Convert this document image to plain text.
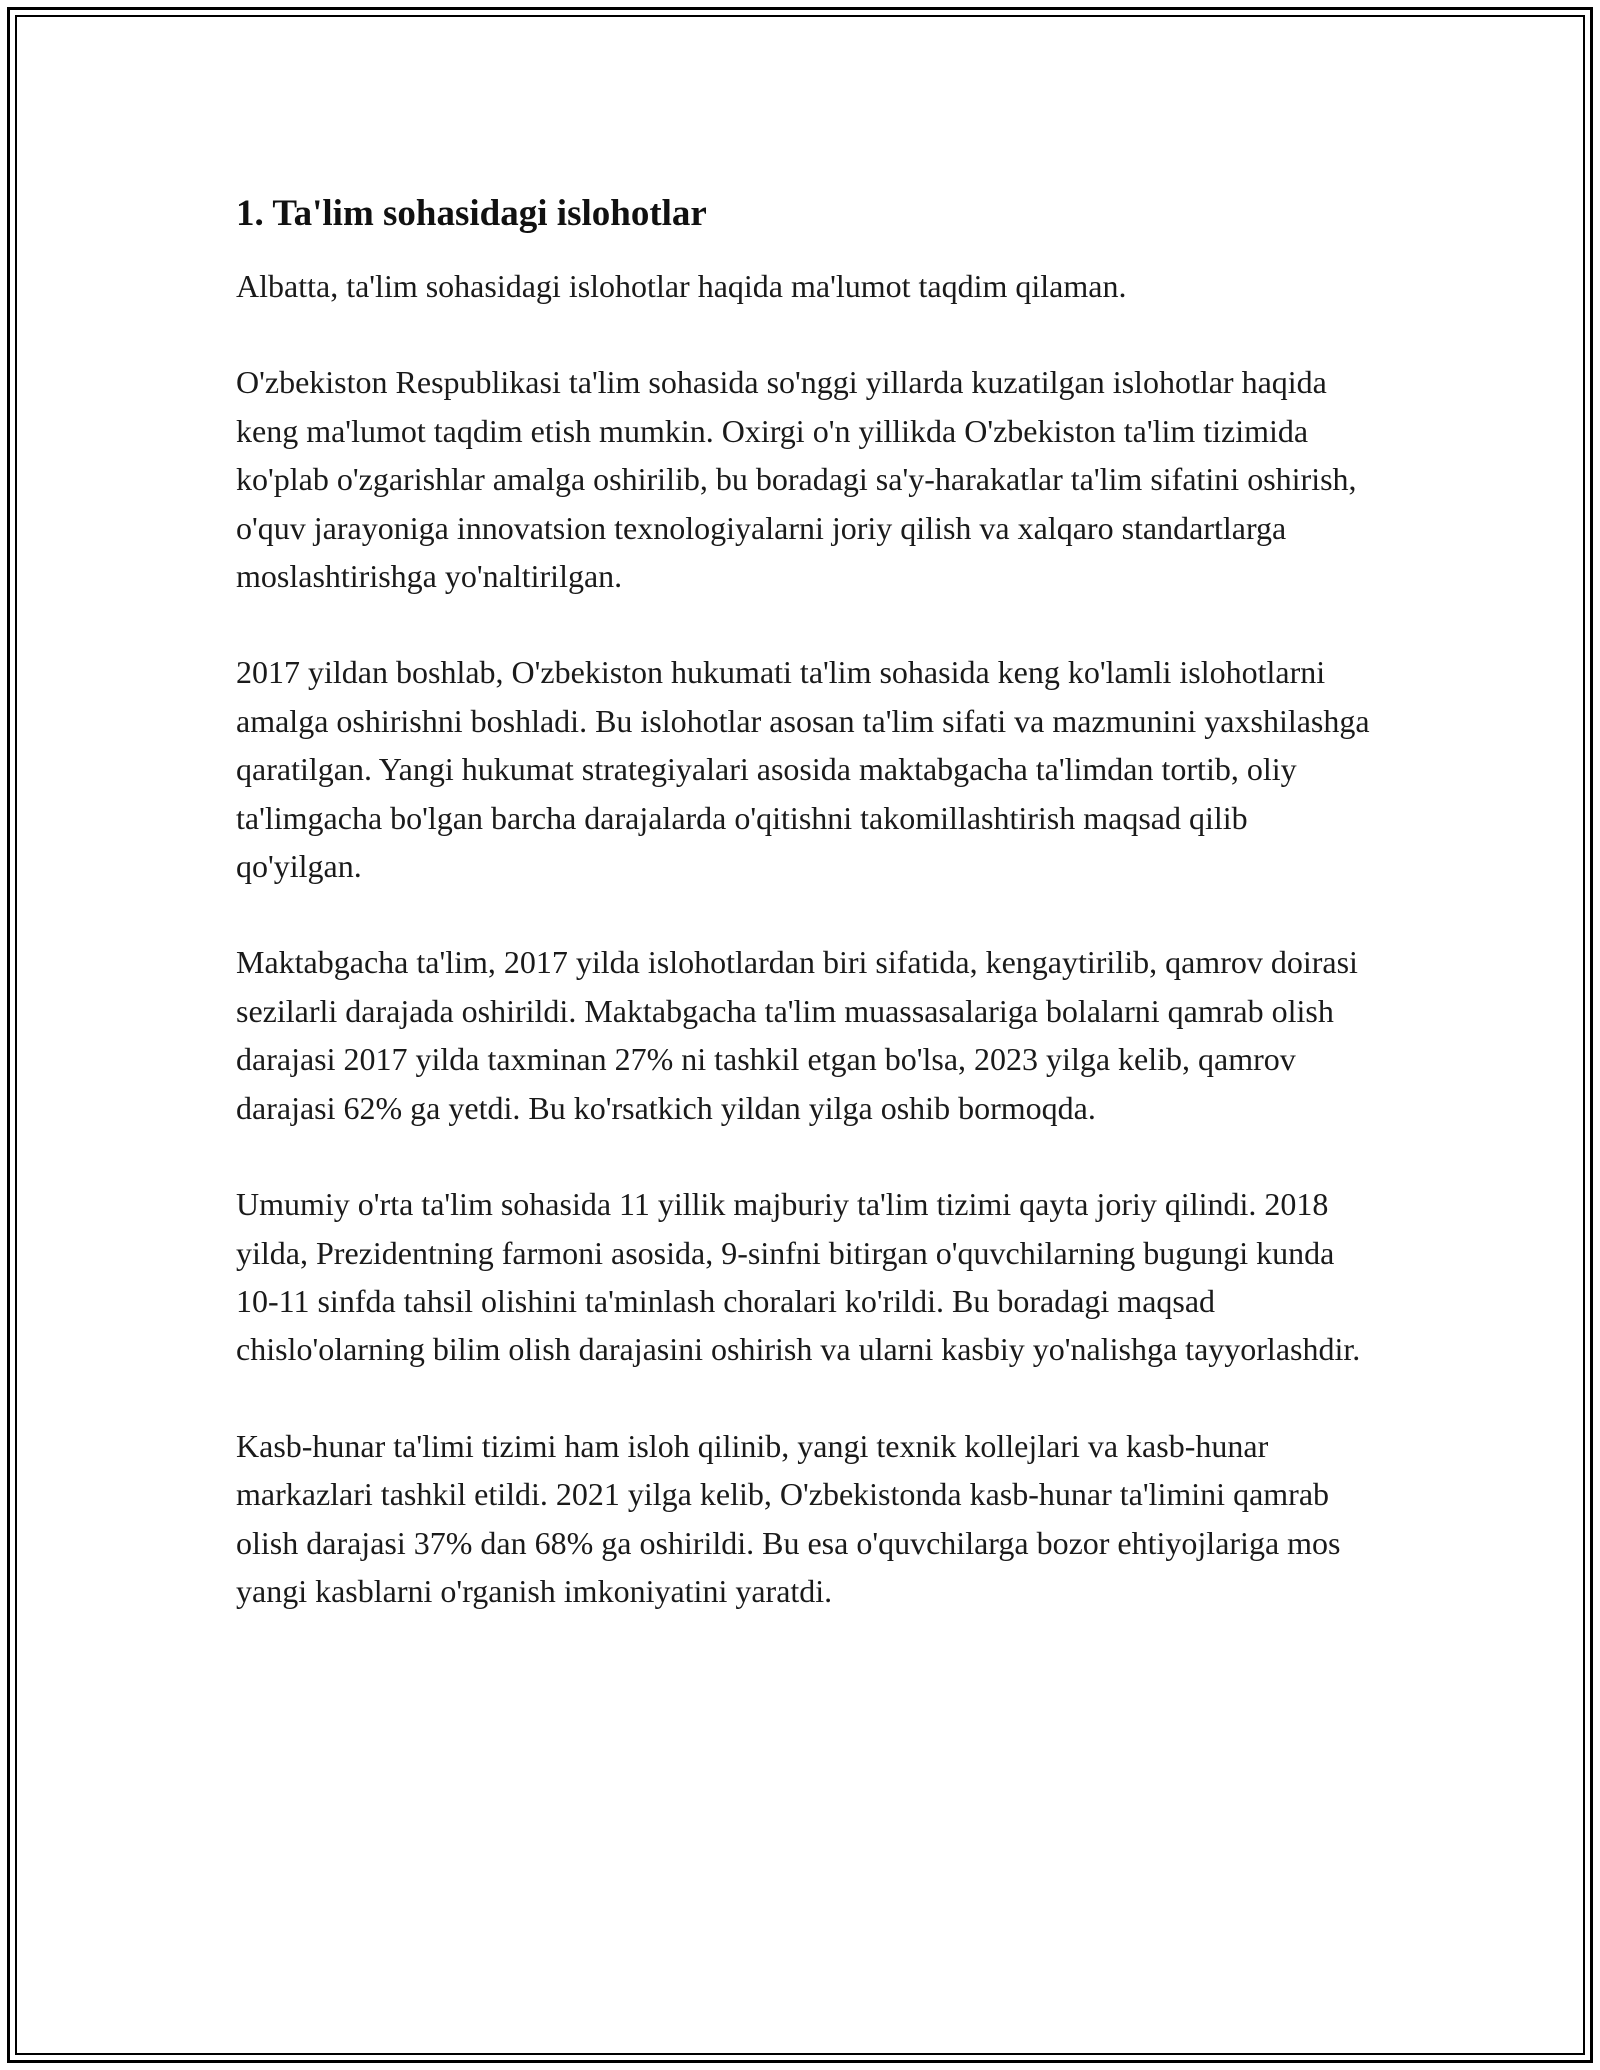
1. Ta'lim sohasidagi islohotlar

Albatta, ta'lim sohasidagi islohotlar haqida ma'lumot taqdim qilaman.

O'zbekiston Respublikasi ta'lim sohasida so'nggi yillarda kuzatilgan islohotlar haqida keng ma'lumot taqdim etish mumkin. Oxirgi o'n yillikda O'zbekiston ta'lim tizimida ko'plab o'zgarishlar amalga oshirilib, bu boradagi sa'y-harakatlar ta'lim sifatini oshirish, o'quv jarayoniga innovatsion texnologiyalarni joriy qilish va xalqaro standartlarga moslashtirishga yo'naltirilgan.

2017 yildan boshlab, O'zbekiston hukumati ta'lim sohasida keng ko'lamli islohotlarni amalga oshirishni boshladi. Bu islohotlar asosan ta'lim sifati va mazmunini yaxshilashga qaratilgan. Yangi hukumat strategiyalari asosida maktabgacha ta'limdan tortib, oliy ta'limgacha bo'lgan barcha darajalarda o'qitishni takomillashtirish maqsad qilib qo'yilgan.

Maktabgacha ta'lim, 2017 yilda islohotlardan biri sifatida, kengaytirilib, qamrov doirasi sezilarli darajada oshirildi. Maktabgacha ta'lim muassasalariga bolalarni qamrab olish darajasi 2017 yilda taxminan 27% ni tashkil etgan bo'lsa, 2023 yilga kelib, qamrov darajasi 62% ga yetdi. Bu ko'rsatkich yildan yilga oshib bormoqda.

Umumiy o'rta ta'lim sohasida 11 yillik majburiy ta'lim tizimi qayta joriy qilindi. 2018 yilda, Prezidentning farmoni asosida, 9-sinfni bitirgan o'quvchilarning bugungi kunda 10-11 sinfda tahsil olishini ta'minlash choralari ko'rildi. Bu boradagi maqsad chislo'olarning bilim olish darajasini oshirish va ularni kasbiy yo'nalishga tayyorlashdir.

Kasb-hunar ta'limi tizimi ham isloh qilinib, yangi texnik kollejlari va kasb-hunar markazlari tashkil etildi. 2021 yilga kelib, O'zbekistonda kasb-hunar ta'limini qamrab olish darajasi 37% dan 68% ga oshirildi. Bu esa o'quvchilarga bozor ehtiyojlariga mos yangi kasblarni o'rganish imkoniyatini yaratdi.
